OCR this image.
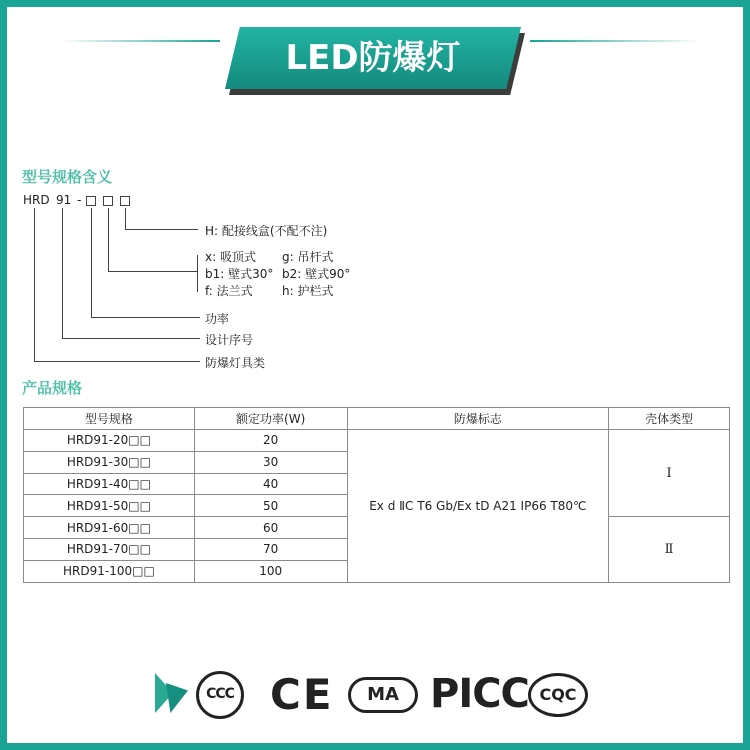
LED防爆灯
型号规格含义
HRD 91 -
H: 配接线盒(不配不注)
x: 吸顶式 g: 吊杆式
b1: 壁式30° b2: 壁式90°
f: 法兰式 h: 护栏式
功率
设计序号
防爆灯具类
产品规格
型号规格	额定功率(W)	防爆标志	壳体类型
HRD91-20□□	20	Ex d ⅡC T6 Gb/Ex tD A21 IP66 T80℃	Ⅰ
HRD91-30□□	30		
HRD91-40□□	40		
HRD91-50□□	50		
HRD91-60□□	60		Ⅱ
HRD91-70□□	70		
HRD91-100□□	100		
CCC CE	MA PICC CQC
